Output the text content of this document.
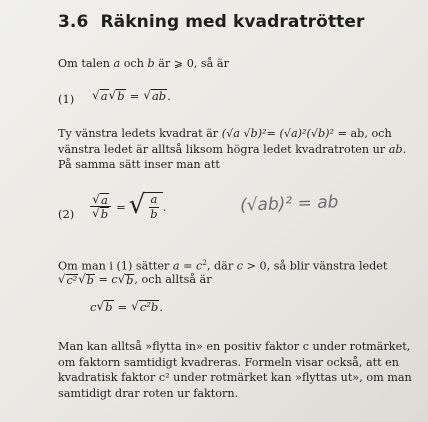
3.6 Räkning med kvadratrötter
Om talen a och b är ⩾ 0, så är
(1) √ a √ b = √ ab .
Ty vänstra ledets kvadrat är (√a √b)²= (√a)²(√b)² = ab, och
vänstra ledet är alltså liksom högra ledet kvadratroten ur ab.
På samma sätt inser man att
$(2) \frac{√ a}{√ b}$ = √ $\frac{a}{b}$ .	(√ab)² = ab
Om man i (1) sätter $a = c^2$, där c > 0, så blir vänstra ledet
√ c² √ b = c √ b , och alltså är
c √ b = √ c²b .
Man kan alltså »flytta in» en positiv faktor c under rotmärket,
om faktorn samtidigt kvadreras. Formeln visar också, att en
kvadratisk faktor c² under rotmärket kan »flyttas ut», om man
samtidigt drar roten ur faktorn.
